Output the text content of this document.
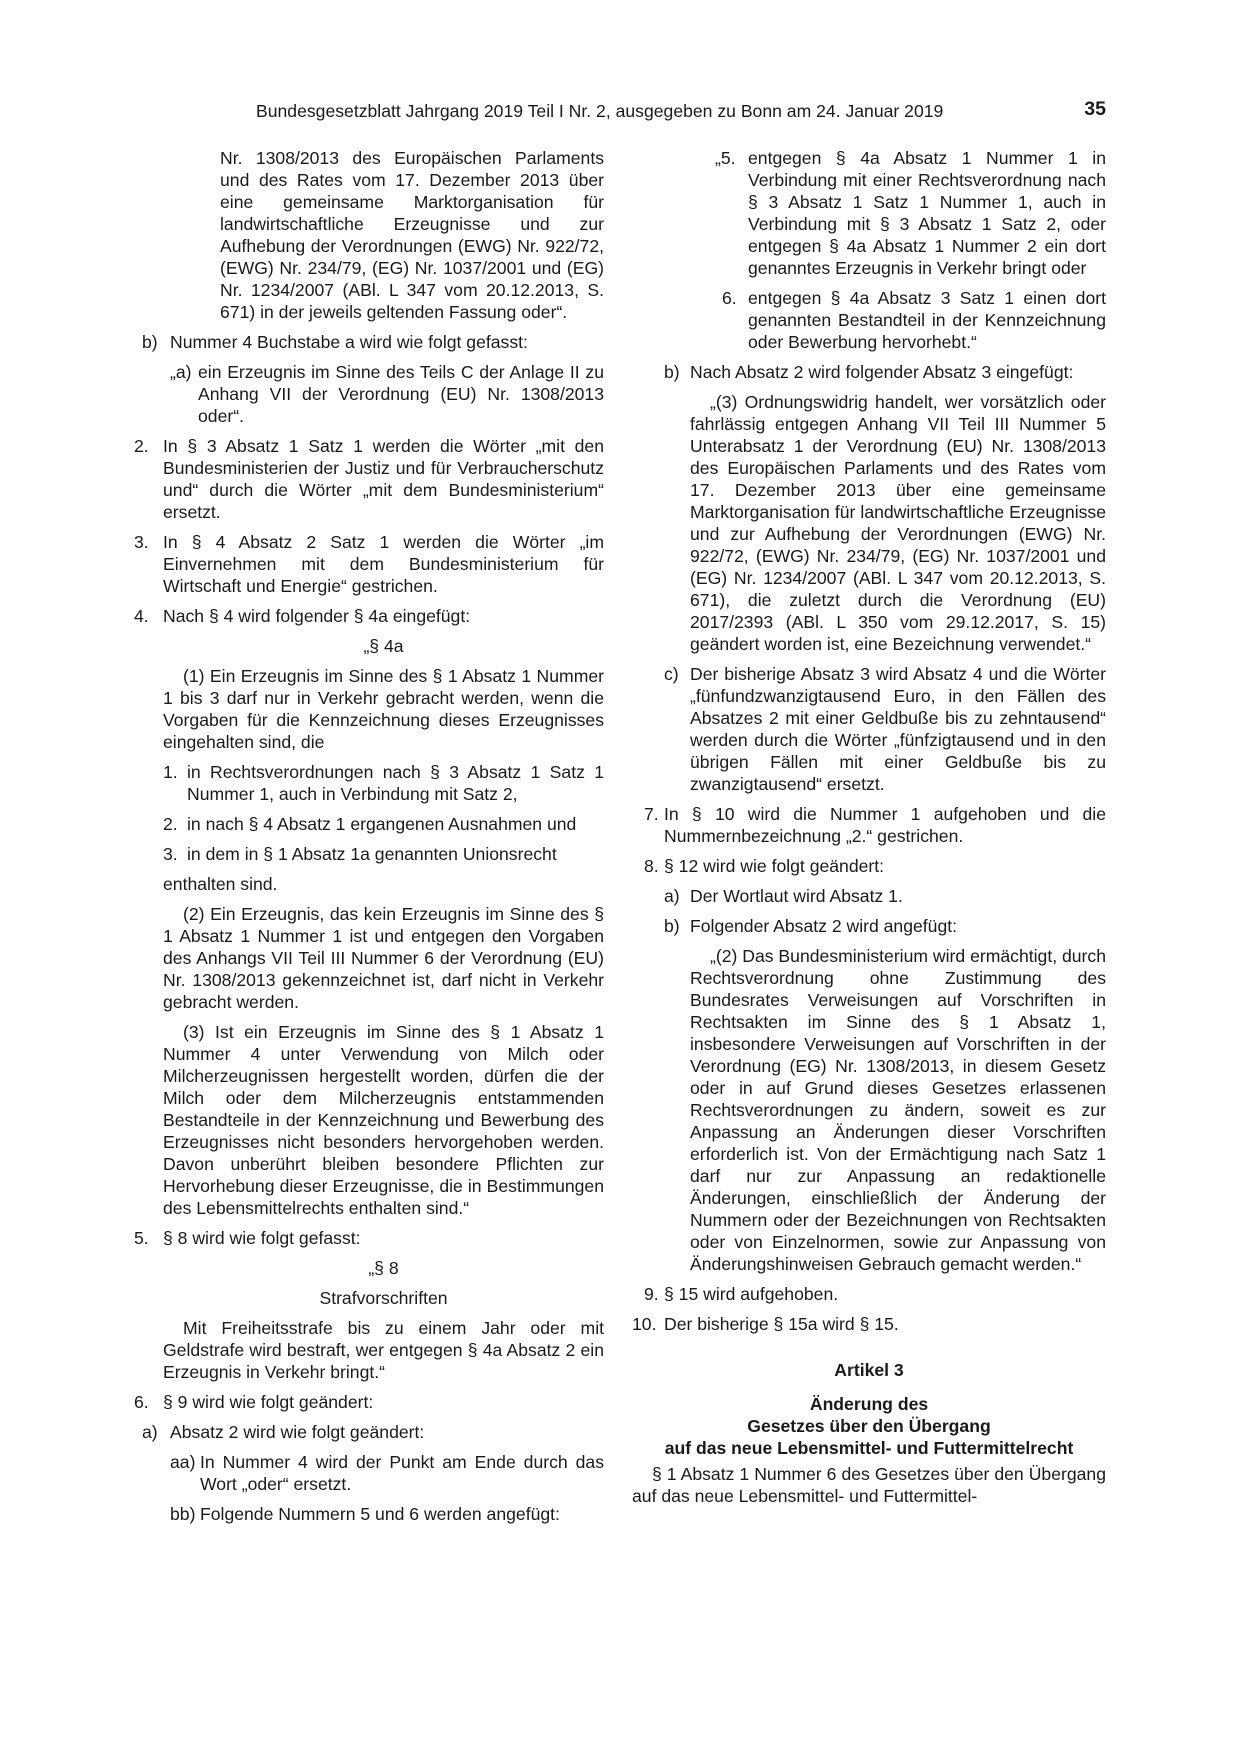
Bundesgesetzblatt Jahrgang 2019 Teil I Nr. 2, ausgegeben zu Bonn am 24. Januar 2019	35

Nr. 1308/2013 des Europäischen Parlaments und des Rates vom 17. Dezember 2013 über eine gemeinsame Marktorganisation für landwirtschaftliche Erzeugnisse und zur Aufhebung der Verordnungen (EWG) Nr. 922/72, (EWG) Nr. 234/79, (EG) Nr. 1037/2001 und (EG) Nr. 1234/2007 (ABl. L 347 vom 20.12.2013, S. 671) in der jeweils geltenden Fassung oder“.

b) Nummer 4 Buchstabe a wird wie folgt gefasst:
„a) ein Erzeugnis im Sinne des Teils C der Anlage II zu Anhang VII der Verordnung (EU) Nr. 1308/2013 oder“.
2. In § 3 Absatz 1 Satz 1 werden die Wörter „mit den Bundesministerien der Justiz und für Verbraucherschutz und“ durch die Wörter „mit dem Bundesministerium“ ersetzt.
3. In § 4 Absatz 2 Satz 1 werden die Wörter „im Einvernehmen mit dem Bundesministerium für Wirtschaft und Energie“ gestrichen.
4. Nach § 4 wird folgender § 4a eingefügt:

„§ 4a

(1) Ein Erzeugnis im Sinne des § 1 Absatz 1 Nummer 1 bis 3 darf nur in Verkehr gebracht werden, wenn die Vorgaben für die Kennzeichnung dieses Erzeugnisses eingehalten sind, die

1. in Rechtsverordnungen nach § 3 Absatz 1 Satz 1 Nummer 1, auch in Verbindung mit Satz 2,
2. in nach § 4 Absatz 1 ergangenen Ausnahmen und
3. in dem in § 1 Absatz 1a genannten Unionsrecht

enthalten sind.

(2) Ein Erzeugnis, das kein Erzeugnis im Sinne des § 1 Absatz 1 Nummer 1 ist und entgegen den Vorgaben des Anhangs VII Teil III Nummer 6 der Verordnung (EU) Nr. 1308/2013 gekennzeichnet ist, darf nicht in Verkehr gebracht werden.

(3) Ist ein Erzeugnis im Sinne des § 1 Absatz 1 Nummer 4 unter Verwendung von Milch oder Milcherzeugnissen hergestellt worden, dürfen die der Milch oder dem Milcherzeugnis entstammenden Bestandteile in der Kennzeichnung und Bewerbung des Erzeugnisses nicht besonders hervorgehoben werden. Davon unberührt bleiben besondere Pflichten zur Hervorhebung dieser Erzeugnisse, die in Bestimmungen des Lebensmittelrechts enthalten sind.“

5. § 8 wird wie folgt gefasst:

„§ 8

Strafvorschriften

Mit Freiheitsstrafe bis zu einem Jahr oder mit Geldstrafe wird bestraft, wer entgegen § 4a Absatz 2 ein Erzeugnis in Verkehr bringt.“

6. § 9 wird wie folgt geändert:
a) Absatz 2 wird wie folgt geändert:
aa) In Nummer 4 wird der Punkt am Ende durch das Wort „oder“ ersetzt.
bb) Folgende Nummern 5 und 6 werden angefügt:
„5. entgegen § 4a Absatz 1 Nummer 1 in Verbindung mit einer Rechtsverordnung nach § 3 Absatz 1 Satz 1 Nummer 1, auch in Verbindung mit § 3 Absatz 1 Satz 2, oder entgegen § 4a Absatz 1 Nummer 2 ein dort genanntes Erzeugnis in Verkehr bringt oder
6. entgegen § 4a Absatz 3 Satz 1 einen dort genannten Bestandteil in der Kennzeichnung oder Bewerbung hervorhebt.“
b) Nach Absatz 2 wird folgender Absatz 3 eingefügt:

„(3) Ordnungswidrig handelt, wer vorsätzlich oder fahrlässig entgegen Anhang VII Teil III Nummer 5 Unterabsatz 1 der Verordnung (EU) Nr. 1308/2013 des Europäischen Parlaments und des Rates vom 17. Dezember 2013 über eine gemeinsame Marktorganisation für landwirtschaftliche Erzeugnisse und zur Aufhebung der Verordnungen (EWG) Nr. 922/72, (EWG) Nr. 234/79, (EG) Nr. 1037/2001 und (EG) Nr. 1234/2007 (ABl. L 347 vom 20.12.2013, S. 671), die zuletzt durch die Verordnung (EU) 2017/2393 (ABl. L 350 vom 29.12.2017, S. 15) geändert worden ist, eine Bezeichnung verwendet.“

c) Der bisherige Absatz 3 wird Absatz 4 und die Wörter „fünfundzwanzigtausend Euro, in den Fällen des Absatzes 2 mit einer Geldbuße bis zu zehntausend“ werden durch die Wörter „fünfzigtausend und in den übrigen Fällen mit einer Geldbuße bis zu zwanzigtausend“ ersetzt.
7. In § 10 wird die Nummer 1 aufgehoben und die Nummernbezeichnung „2.“ gestrichen.
8. § 12 wird wie folgt geändert:
a) Der Wortlaut wird Absatz 1.
b) Folgender Absatz 2 wird angefügt:

„(2) Das Bundesministerium wird ermächtigt, durch Rechtsverordnung ohne Zustimmung des Bundesrates Verweisungen auf Vorschriften in Rechtsakten im Sinne des § 1 Absatz 1, insbesondere Verweisungen auf Vorschriften in der Verordnung (EG) Nr. 1308/2013, in diesem Gesetz oder in auf Grund dieses Gesetzes erlassenen Rechtsverordnungen zu ändern, soweit es zur Anpassung an Änderungen dieser Vorschriften erforderlich ist. Von der Ermächtigung nach Satz 1 darf nur zur Anpassung an redaktionelle Änderungen, einschließlich der Änderung der Nummern oder der Bezeichnungen von Rechtsakten oder von Einzelnormen, sowie zur Anpassung von Änderungshinweisen Gebrauch gemacht werden.“

9. § 15 wird aufgehoben.
10. Der bisherige § 15a wird § 15.

Artikel 3

Änderung des

Gesetzes über den Übergang

auf das neue Lebensmittel- und Futtermittelrecht

§ 1 Absatz 1 Nummer 6 des Gesetzes über den Übergang auf das neue Lebensmittel- und Futtermittel-
